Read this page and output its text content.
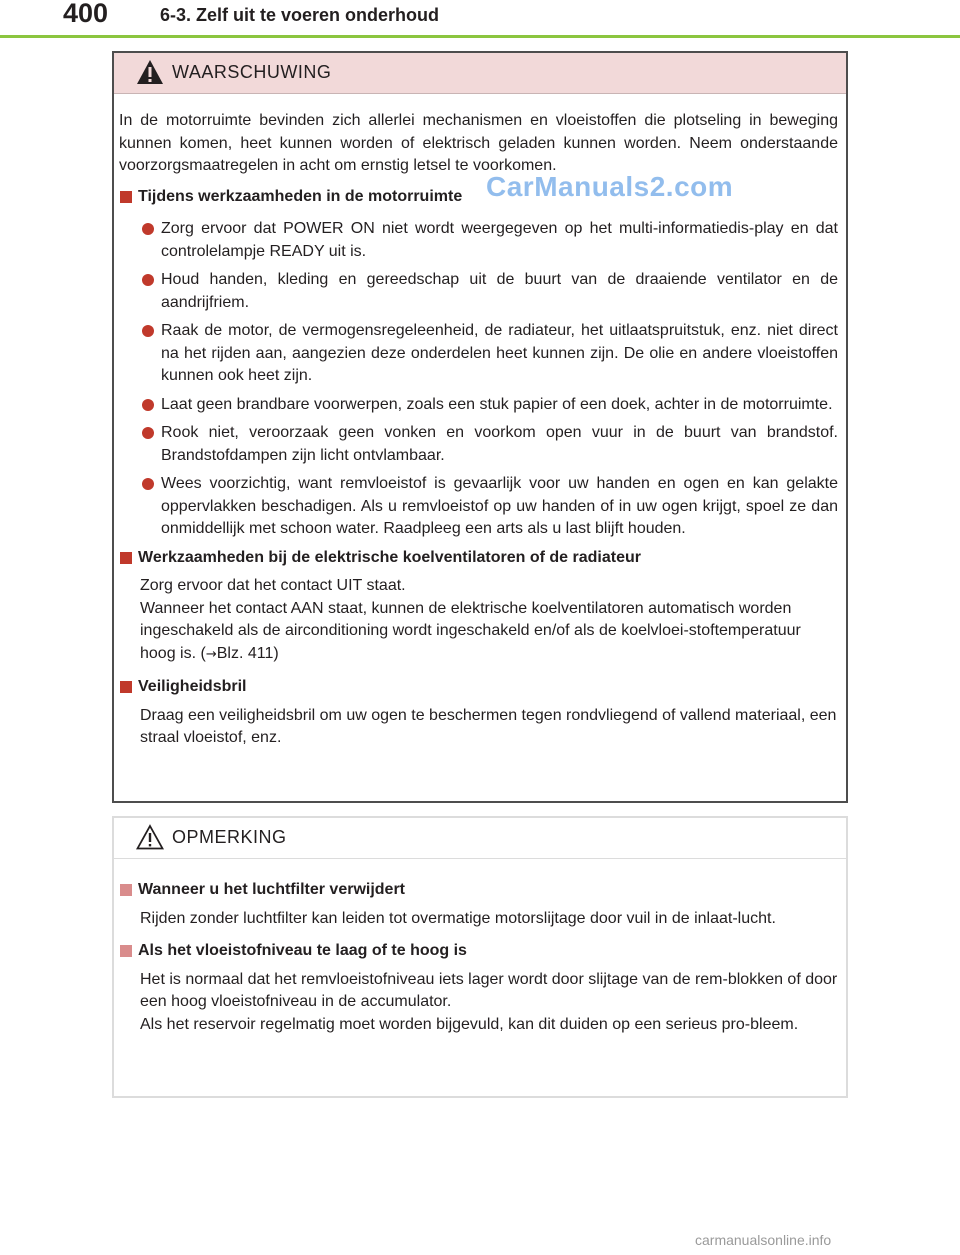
400	6-3. Zelf uit te voeren onderhoud
WAARSCHUWING

In de motorruimte bevinden zich allerlei mechanismen en vloeistoffen die plotseling in beweging kunnen komen, heet kunnen worden of elektrisch geladen kunnen worden. Neem onderstaande voorzorgsmaatregelen in acht om ernstig letsel te voorkomen.

Tijdens werkzaamheden in de motorruimte

Zorg ervoor dat POWER ON niet wordt weergegeven op het multi-informatiedis-play en dat controlelampje READY uit is.

Houd handen, kleding en gereedschap uit de buurt van de draaiende ventilator en de aandrijfriem.

Raak de motor, de vermogensregeleenheid, de radiateur, het uitlaatspruitstuk, enz. niet direct na het rijden aan, aangezien deze onderdelen heet kunnen zijn. De olie en andere vloeistoffen kunnen ook heet zijn.

Laat geen brandbare voorwerpen, zoals een stuk papier of een doek, achter in de motorruimte.

Rook niet, veroorzaak geen vonken en voorkom open vuur in de buurt van brandstof. Brandstofdampen zijn licht ontvlambaar.

Wees voorzichtig, want remvloeistof is gevaarlijk voor uw handen en ogen en kan gelakte oppervlakken beschadigen. Als u remvloeistof op uw handen of in uw ogen krijgt, spoel ze dan onmiddellijk met schoon water. Raadpleeg een arts als u last blijft houden.

Werkzaamheden bij de elektrische koelventilatoren of de radiateur

Zorg ervoor dat het contact UIT staat.

Wanneer het contact AAN staat, kunnen de elektrische koelventilatoren automatisch worden ingeschakeld als de airconditioning wordt ingeschakeld en/of als de koelvloei-stoftemperatuur hoog is. (→Blz. 411)

Veiligheidsbril

Draag een veiligheidsbril om uw ogen te beschermen tegen rondvliegend of vallend materiaal, een straal vloeistof, enz.

OPMERKING
Wanneer u het luchtfilter verwijdert

Rijden zonder luchtfilter kan leiden tot overmatige motorslijtage door vuil in de inlaat-lucht.

Als het vloeistofniveau te laag of te hoog is

Het is normaal dat het remvloeistofniveau iets lager wordt door slijtage van de rem-blokken of door een hoog vloeistofniveau in de accumulator.

Als het reservoir regelmatig moet worden bijgevuld, kan dit duiden op een serieus pro-bleem.

CarManuals2.com
carmanualsonline.info
